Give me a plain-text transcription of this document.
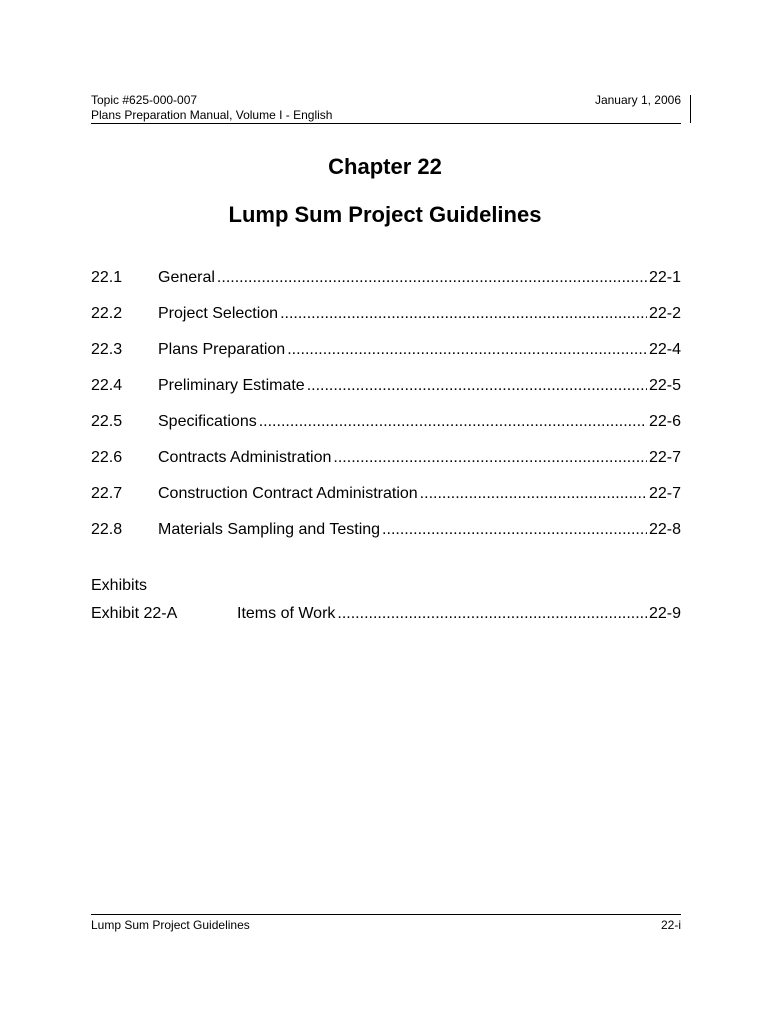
Topic #625-000-007
Plans Preparation Manual, Volume I - English
January 1, 2006
Chapter 22
Lump Sum Project Guidelines
22.1	General .....	22-1
22.2	Project Selection .....	22-2
22.3	Plans Preparation .....	22-4
22.4	Preliminary Estimate .....	22-5
22.5	Specifications .....	22-6
22.6	Contracts Administration .....	22-7
22.7	Construction Contract Administration .....	22-7
22.8	Materials Sampling and Testing .....	22-8
Exhibits
Exhibit 22-A	Items of Work .....	22-9
Lump Sum Project Guidelines	22-i
